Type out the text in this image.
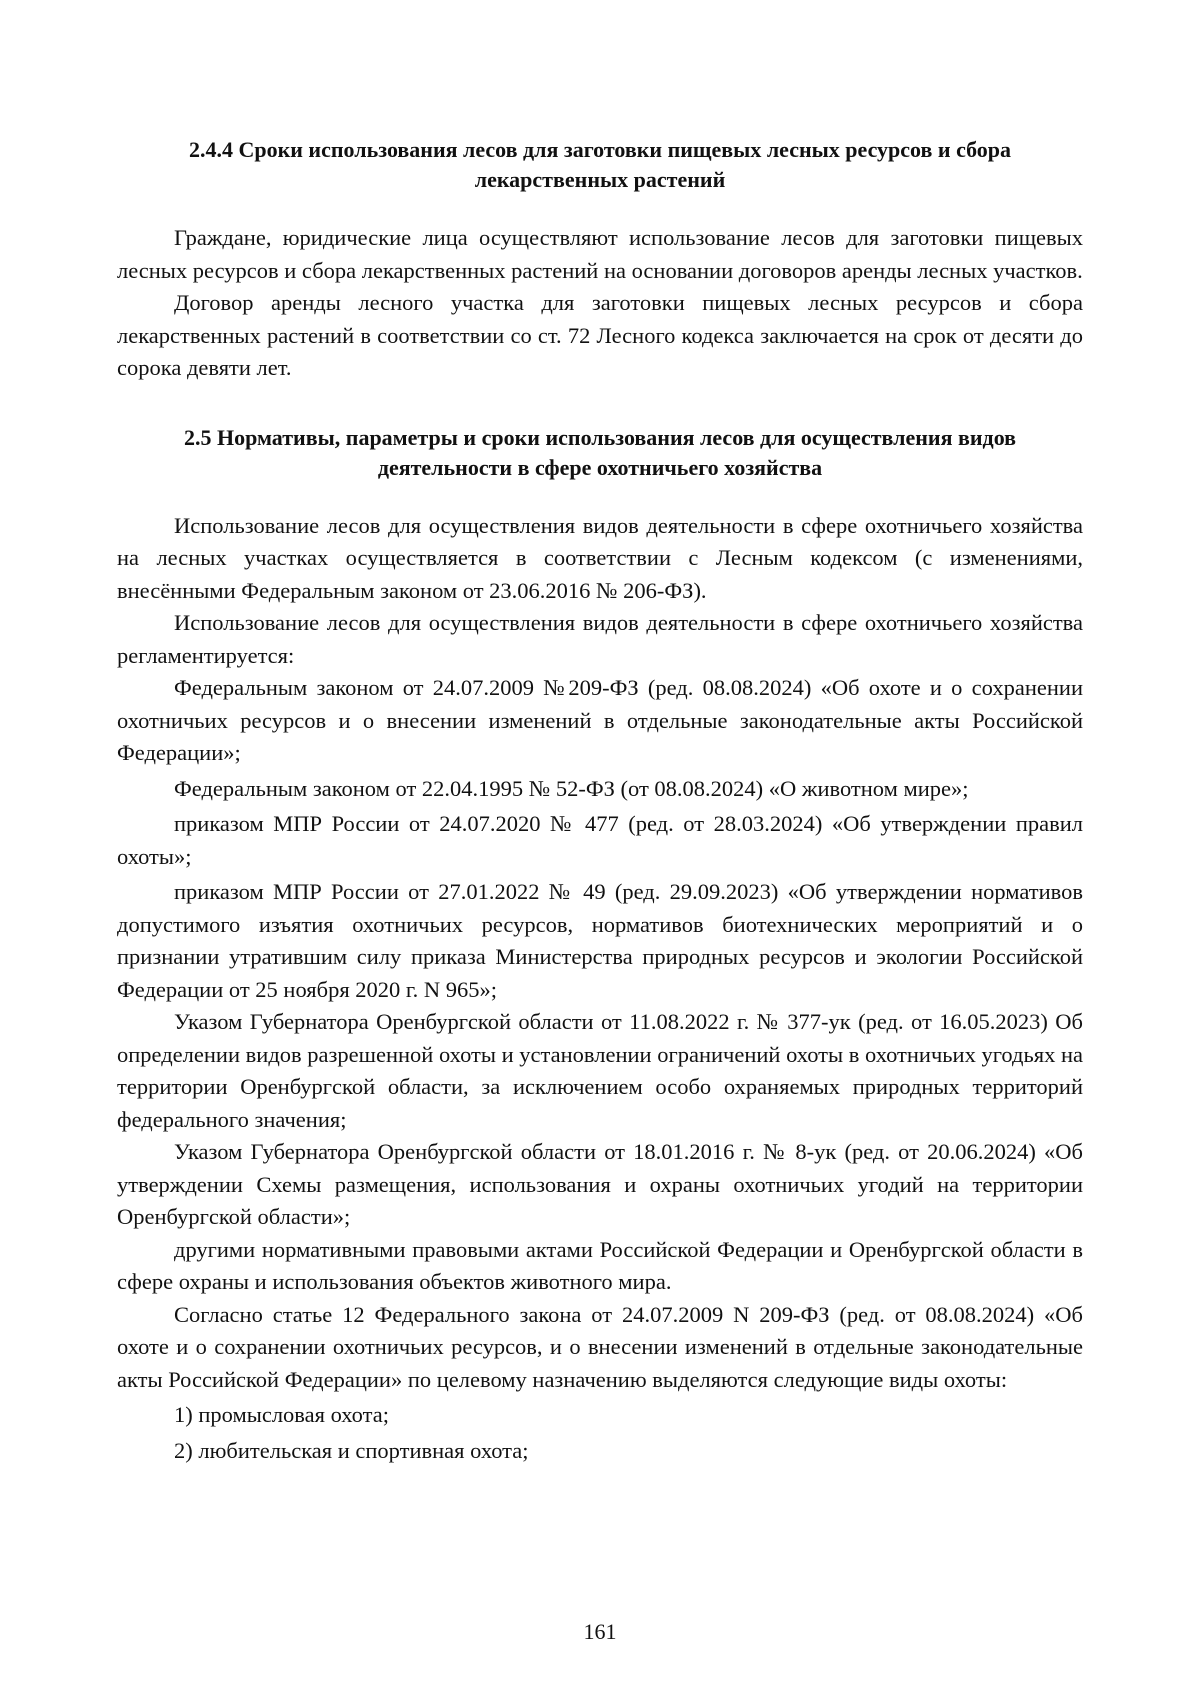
2.4.4 Сроки использования лесов для заготовки пищевых лесных ресурсов и сбора лекарственных растений

Граждане, юридические лица осуществляют использование лесов для заготовки пищевых лесных ресурсов и сбора лекарственных растений на основании договоров аренды лесных участков.

Договор аренды лесного участка для заготовки пищевых лесных ресурсов и сбора лекарственных растений в соответствии со ст. 72 Лесного кодекса заключается на срок от десяти до сорока девяти лет.

2.5 Нормативы, параметры и сроки использования лесов для осуществления видов деятельности в сфере охотничьего хозяйства

Использование лесов для осуществления видов деятельности в сфере охотничьего хозяйства на лесных участках осуществляется в соответствии с Лесным кодексом (с изменениями, внесёнными Федеральным законом от 23.06.2016 № 206-ФЗ).

Использование лесов для осуществления видов деятельности в сфере охотничьего хозяйства регламентируется:

Федеральным законом от 24.07.2009 №209-ФЗ (ред. 08.08.2024) «Об охоте и о сохранении охотничьих ресурсов и о внесении изменений в отдельные законодательные акты Российской Федерации»;

Федеральным законом от 22.04.1995 № 52-ФЗ (от 08.08.2024) «О животном мире»;

приказом МПР России от 24.07.2020 № 477 (ред. от 28.03.2024) «Об утверждении правил охоты»;

приказом МПР России от 27.01.2022 № 49 (ред. 29.09.2023) «Об утверждении нормативов допустимого изъятия охотничьих ресурсов, нормативов биотехнических мероприятий и о признании утратившим силу приказа Министерства природных ресурсов и экологии Российской Федерации от 25 ноября 2020 г. N 965»;

Указом Губернатора Оренбургской области от 11.08.2022 г. № 377-ук (ред. от 16.05.2023) Об определении видов разрешенной охоты и установлении ограничений охоты в охотничьих угодьях на территории Оренбургской области, за исключением особо охраняемых природных территорий федерального значения;

Указом Губернатора Оренбургской области от 18.01.2016 г. № 8-ук (ред. от 20.06.2024) «Об утверждении Схемы размещения, использования и охраны охотничьих угодий на территории Оренбургской области»;

другими нормативными правовыми актами Российской Федерации и Оренбургской области в сфере охраны и использования объектов животного мира.

Согласно статье 12 Федерального закона от 24.07.2009 N 209-ФЗ (ред. от 08.08.2024) «Об охоте и о сохранении охотничьих ресурсов, и о внесении изменений в отдельные законодательные акты Российской Федерации» по целевому назначению выделяются следующие виды охоты:

1) промысловая охота;

2) любительская и спортивная охота;

161
